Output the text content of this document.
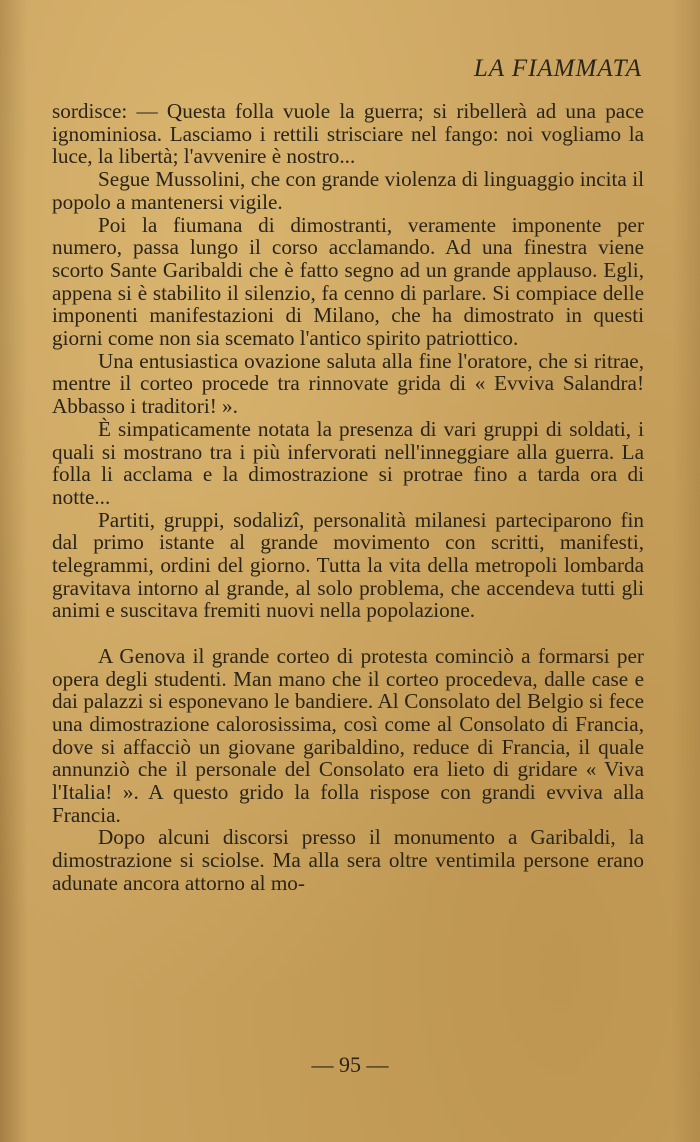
LA FIAMMATA

sordisce: — Questa folla vuole la guerra; si ribellerà ad una pace ignominiosa. Lasciamo i rettili strisciare nel fango: noi vogliamo la luce, la libertà; l'avvenire è nostro...

Segue Mussolini, che con grande violenza di linguaggio incita il popolo a mantenersi vigile.

Poi la fiumana di dimostranti, veramente imponente per numero, passa lungo il corso acclamando. Ad una finestra viene scorto Sante Garibaldi che è fatto segno ad un grande applauso. Egli, appena si è stabilito il silenzio, fa cenno di parlare. Si compiace delle imponenti manifestazioni di Milano, che ha dimostrato in questi giorni come non sia scemato l'antico spirito patriottico.

Una entusiastica ovazione saluta alla fine l'oratore, che si ritrae, mentre il corteo procede tra rinnovate grida di « Evviva Salandra! Abbasso i traditori! ».

È simpaticamente notata la presenza di vari gruppi di soldati, i quali si mostrano tra i più infervorati nell'inneggiare alla guerra. La folla li acclama e la dimostrazione si protrae fino a tarda ora di notte...

Partiti, gruppi, sodalizî, personalità milanesi parteciparono fin dal primo istante al grande movimento con scritti, manifesti, telegrammi, ordini del giorno. Tutta la vita della metropoli lombarda gravitava intorno al grande, al solo problema, che accendeva tutti gli animi e suscitava fremiti nuovi nella popolazione.

A Genova il grande corteo di protesta cominciò a formarsi per opera degli studenti. Man mano che il corteo procedeva, dalle case e dai palazzi si esponevano le bandiere. Al Consolato del Belgio si fece una dimostrazione calorosissima, così come al Consolato di Francia, dove si affacciò un giovane garibaldino, reduce di Francia, il quale annunziò che il personale del Consolato era lieto di gridare « Viva l'Italia! ». A questo grido la folla rispose con grandi evviva alla Francia.

Dopo alcuni discorsi presso il monumento a Garibaldi, la dimostrazione si sciolse. Ma alla sera oltre ventimila persone erano adunate ancora attorno al mo-

— 95 —
